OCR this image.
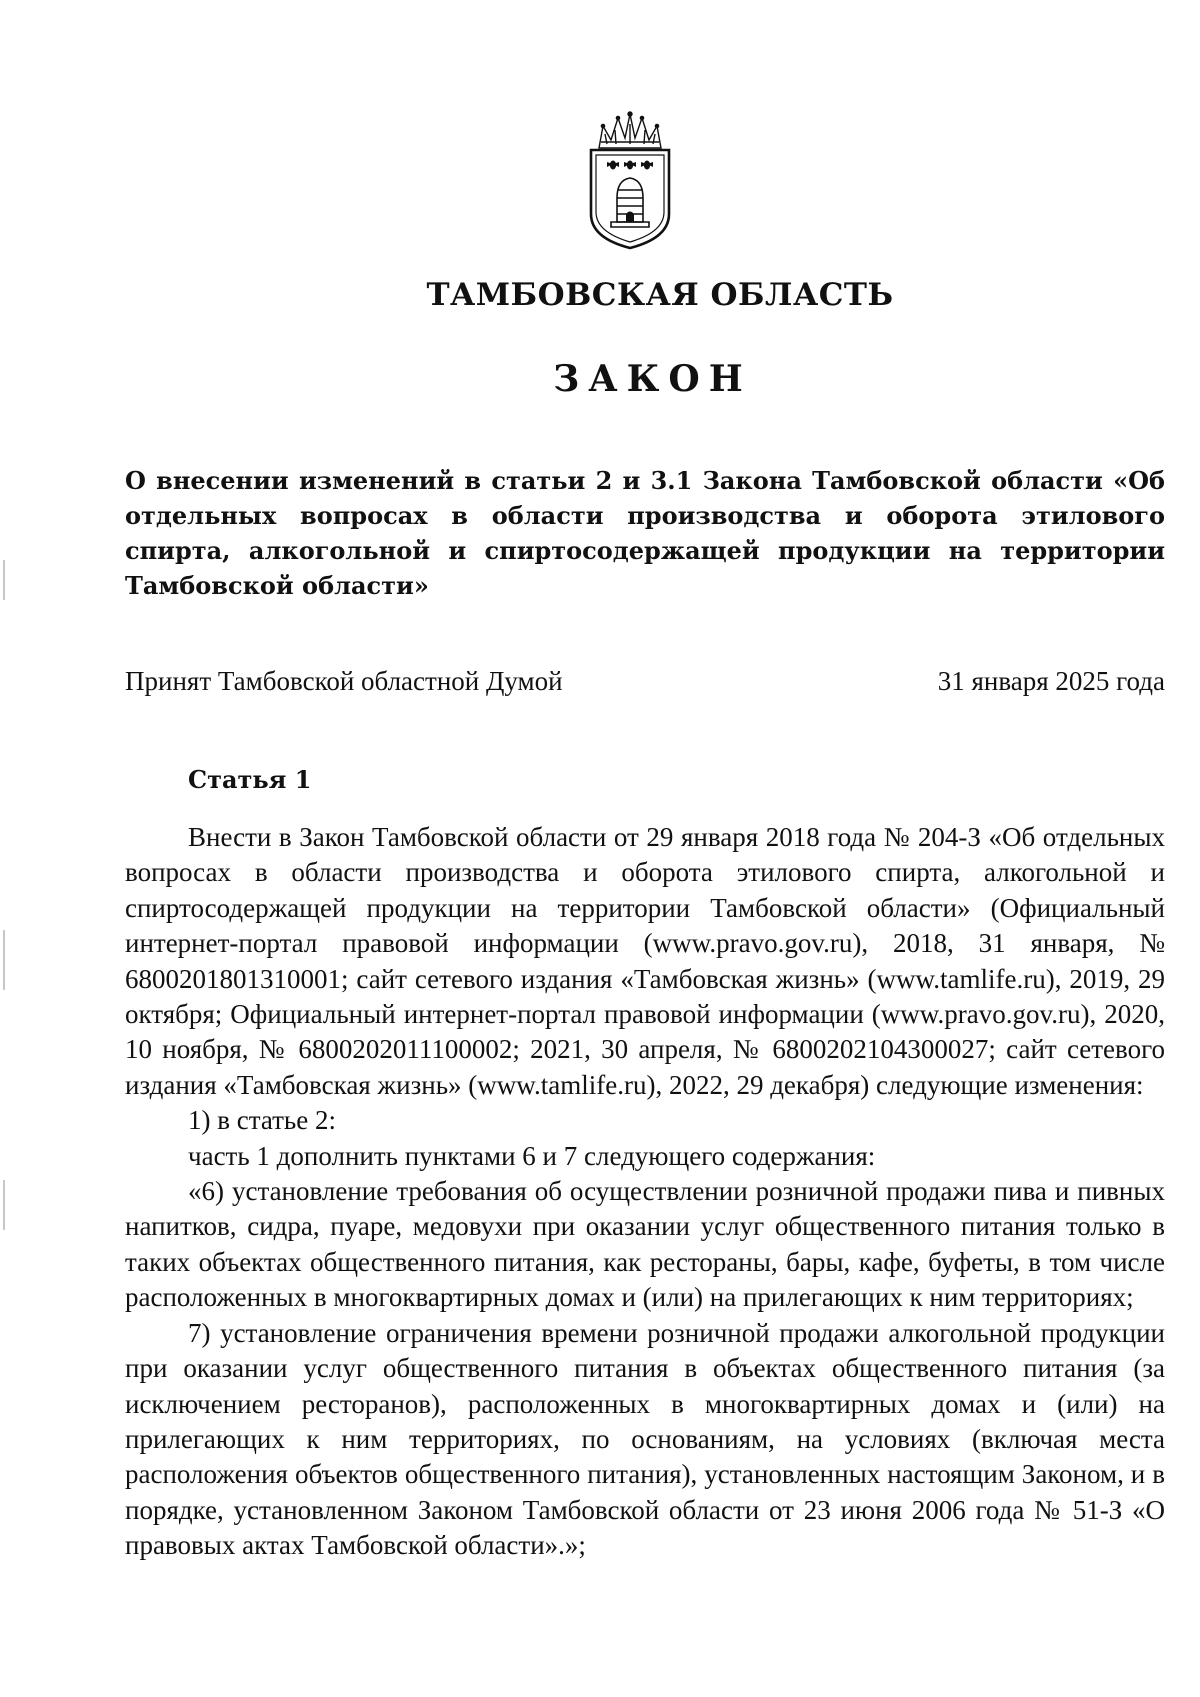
ТАМБОВСКАЯ ОБЛАСТЬ
ЗАКОН
О внесении изменений в статьи 2 и 3.1 Закона Тамбовской области «Об отдельных вопросах в области производства и оборота этилового спирта, алкогольной и спиртосодержащей продукции на территории Тамбовской области»
Принят Тамбовской областной Думой	31 января 2025 года
Статья 1

Внести в Закон Тамбовской области от 29 января 2018 года № 204-З «Об отдельных вопросах в области производства и оборота этилового спирта, алкогольной и спиртосодержащей продукции на территории Тамбовской области» (Официальный интернет-портал правовой информации (www.pravo.gov.ru), 2018, 31 января, № 6800201801310001; сайт сетевого издания «Тамбовская жизнь» (www.tamlife.ru), 2019, 29 октября; Официальный интернет-портал правовой информации (www.pravo.gov.ru), 2020, 10 ноября, № 6800202011100002; 2021, 30 апреля, № 6800202104300027; сайт сетевого издания «Тамбовская жизнь» (www.tamlife.ru), 2022, 29 декабря) следующие изменения:

1) в статье 2:

часть 1 дополнить пунктами 6 и 7 следующего содержания:

«6) установление требования об осуществлении розничной продажи пива и пивных напитков, сидра, пуаре, медовухи при оказании услуг общественного питания только в таких объектах общественного питания, как рестораны, бары, кафе, буфеты, в том числе расположенных в многоквартирных домах и (или) на прилегающих к ним территориях;

7) установление ограничения времени розничной продажи алкогольной продукции при оказании услуг общественного питания в объектах общественного питания (за исключением ресторанов), расположенных в многоквартирных домах и (или) на прилегающих к ним территориях, по основаниям, на условиях (включая места расположения объектов общественного питания), установленных настоящим Законом, и в порядке, установленном Законом Тамбовской области от 23 июня 2006 года № 51-З «О правовых актах Тамбовской области».»;
